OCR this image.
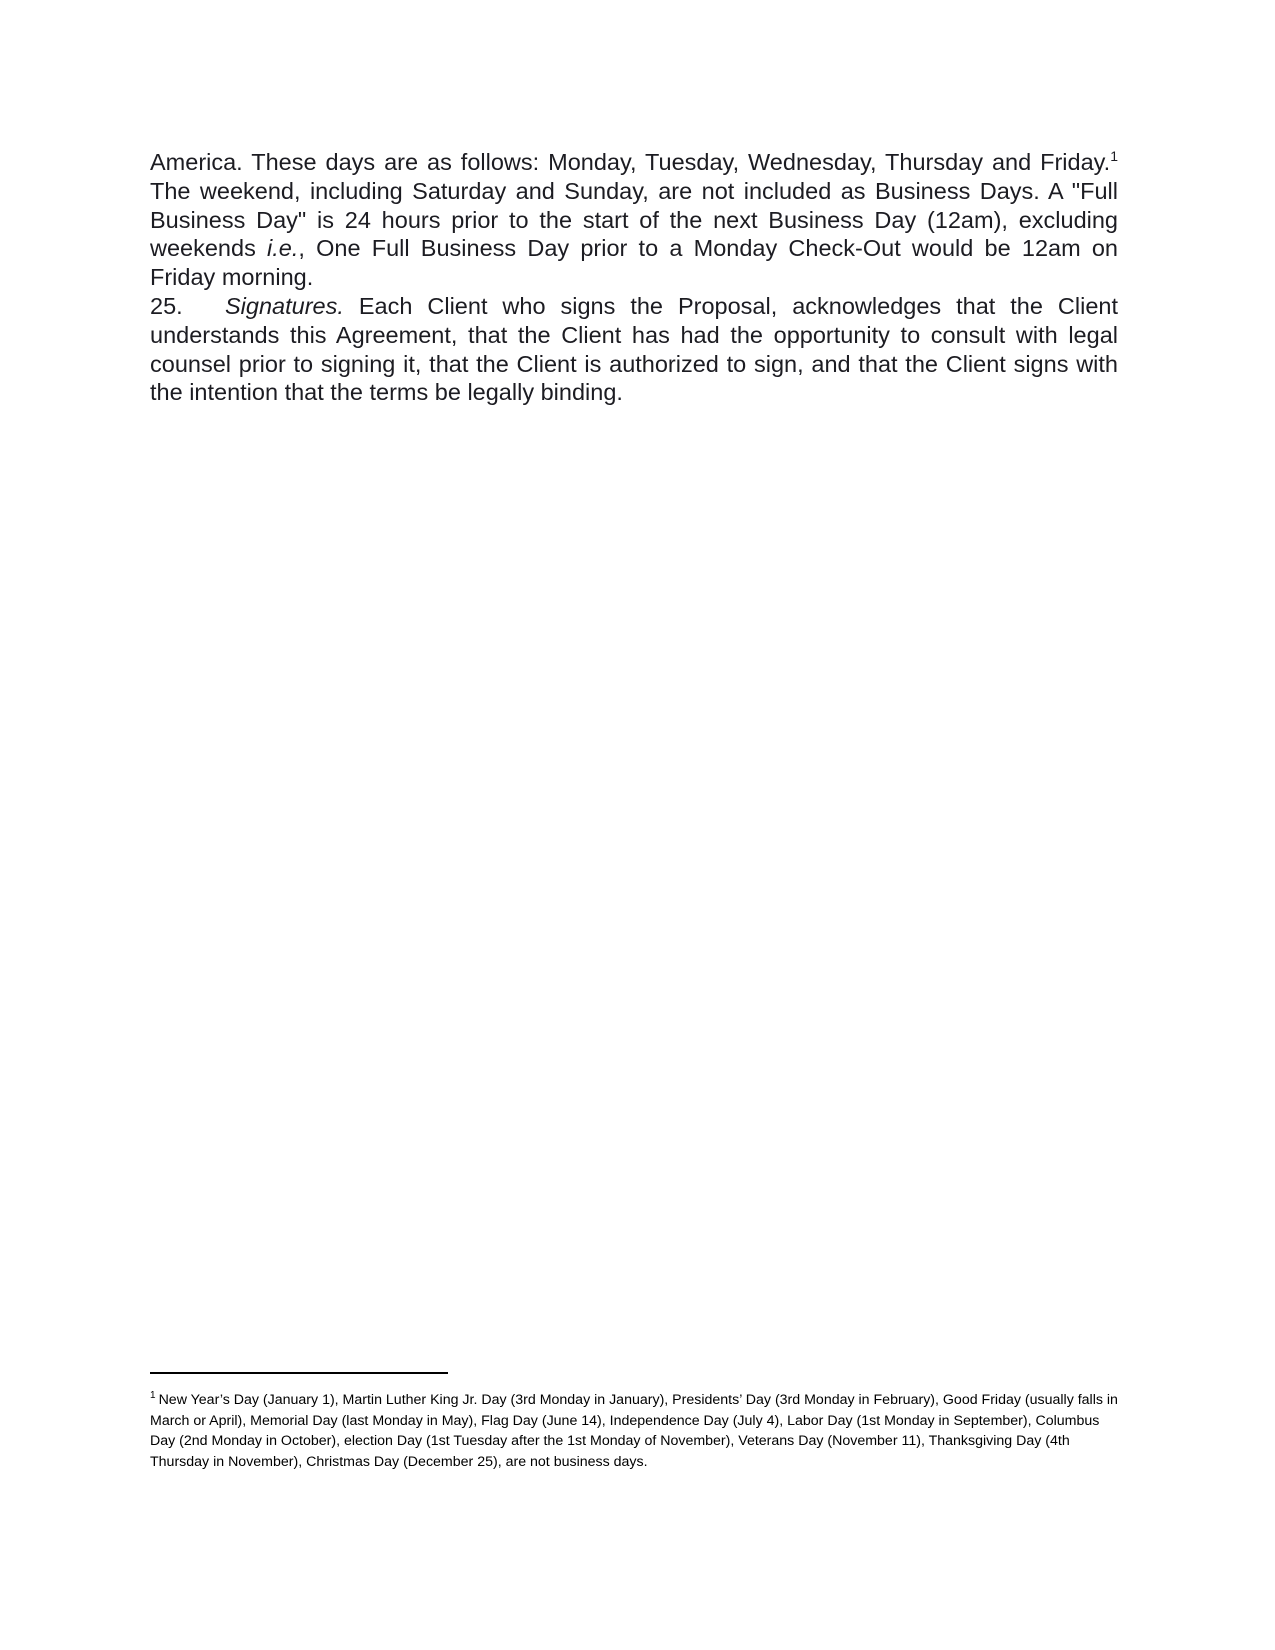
America. These days are as follows: Monday, Tuesday, Wednesday, Thursday and Friday.$^1$ The weekend, including Saturday and Sunday, are not included as Business Days. A "Full Business Day" is 24 hours prior to the start of the next Business Day (12am), excluding weekends i.e., One Full Business Day prior to a Monday Check-Out would be 12am on Friday morning.

25. Signatures. Each Client who signs the Proposal, acknowledges that the Client understands this Agreement, that the Client has had the opportunity to consult with legal counsel prior to signing it, that the Client is authorized to sign, and that the Client signs with the intention that the terms be legally binding.

$^1$ New Year’s Day (January 1), Martin Luther King Jr. Day (3rd Monday in January), Presidents’ Day (3rd Monday in February), Good Friday (usually falls in March or April), Memorial Day (last Monday in May), Flag Day (June 14), Independence Day (July 4), Labor Day (1st Monday in September), Columbus Day (2nd Monday in October), election Day (1st Tuesday after the 1st Monday of November), Veterans Day (November 11), Thanksgiving Day (4th Thursday in November), Christmas Day (December 25), are not business days.
